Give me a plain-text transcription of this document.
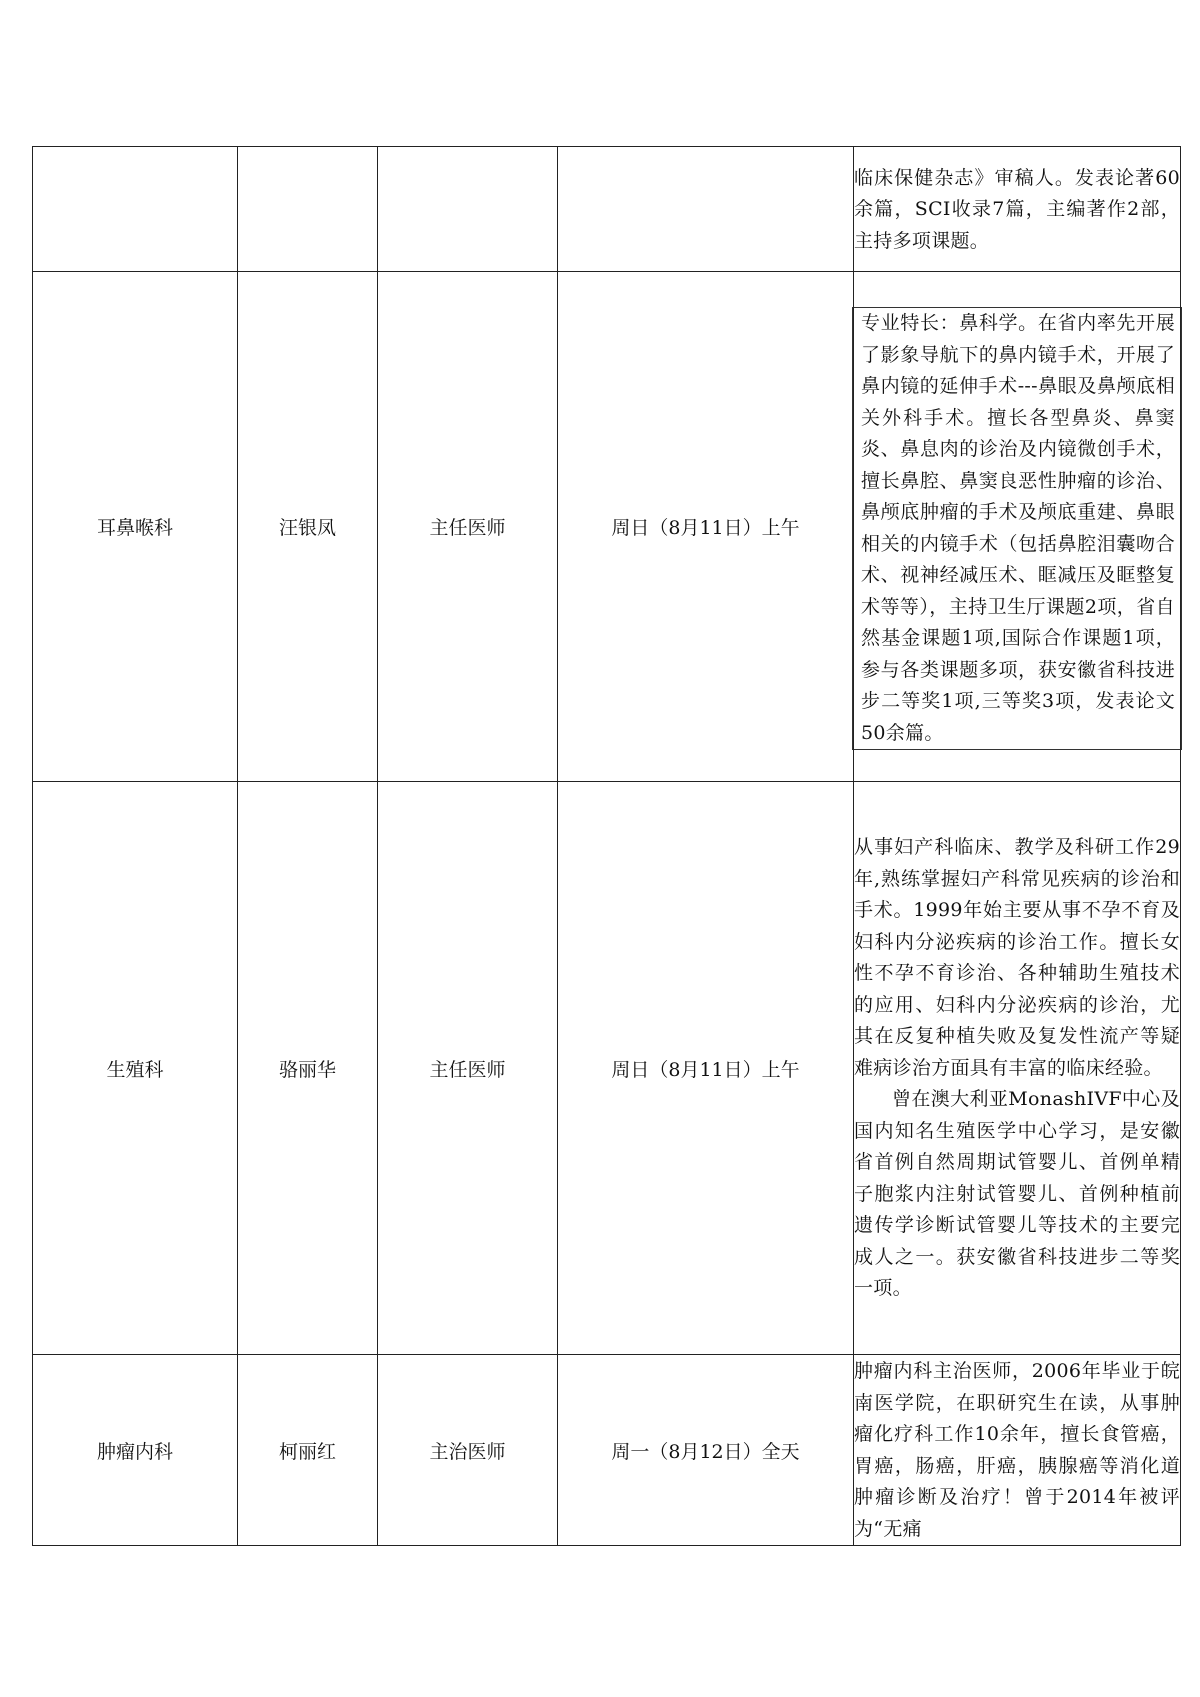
				临床保健杂志》审稿人。发表论著60余篇，SCI收录7篇，主编著作2部，主持多项课题。

耳鼻喉科	汪银凤	主任医师	周日（8月11日）上午	专业特长：鼻科学。在省内率先开展了影象导航下的鼻内镜手术，开展了鼻内镜的延伸手术---鼻眼及鼻颅底相关外科手术。擅长各型鼻炎、鼻窦炎、鼻息肉的诊治及内镜微创手术，擅长鼻腔、鼻窦良恶性肿瘤的诊治、鼻颅底肿瘤的手术及颅底重建、鼻眼相关的内镜手术（包括鼻腔泪囊吻合术、视神经减压术、眶减压及眶整复术等等），主持卫生厅课题2项，省自然基金课题1项,国际合作课题1项，参与各类课题多项，获安徽省科技进步二等奖1项,三等奖3项，发表论文50余篇。

生殖科	骆丽华	主任医师	周日（8月11日）上午	从事妇产科临床、教学及科研工作29年,熟练掌握妇产科常见疾病的诊治和手术。1999年始主要从事不孕不育及妇科内分泌疾病的诊治工作。擅长女性不孕不育诊治、各种辅助生殖技术的应用、妇科内分泌疾病的诊治，尤其在反复种植失败及复发性流产等疑难病诊治方面具有丰富的临床经验。

曾在澳大利亚MonashIVF中心及国内知名生殖医学中心学习，是安徽省首例自然周期试管婴儿、首例单精子胞浆内注射试管婴儿、首例种植前遗传学诊断试管婴儿等技术的主要完成人之一。获安徽省科技进步二等奖一项。

肿瘤内科	柯丽红	主治医师	周一（8月12日）全天	肿瘤内科主治医师，2006年毕业于皖南医学院，在职研究生在读，从事肿瘤化疗科工作10余年，擅长食管癌，胃癌，肠癌，肝癌，胰腺癌等消化道肿瘤诊断及治疗！曾于2014年被评为“无痛
